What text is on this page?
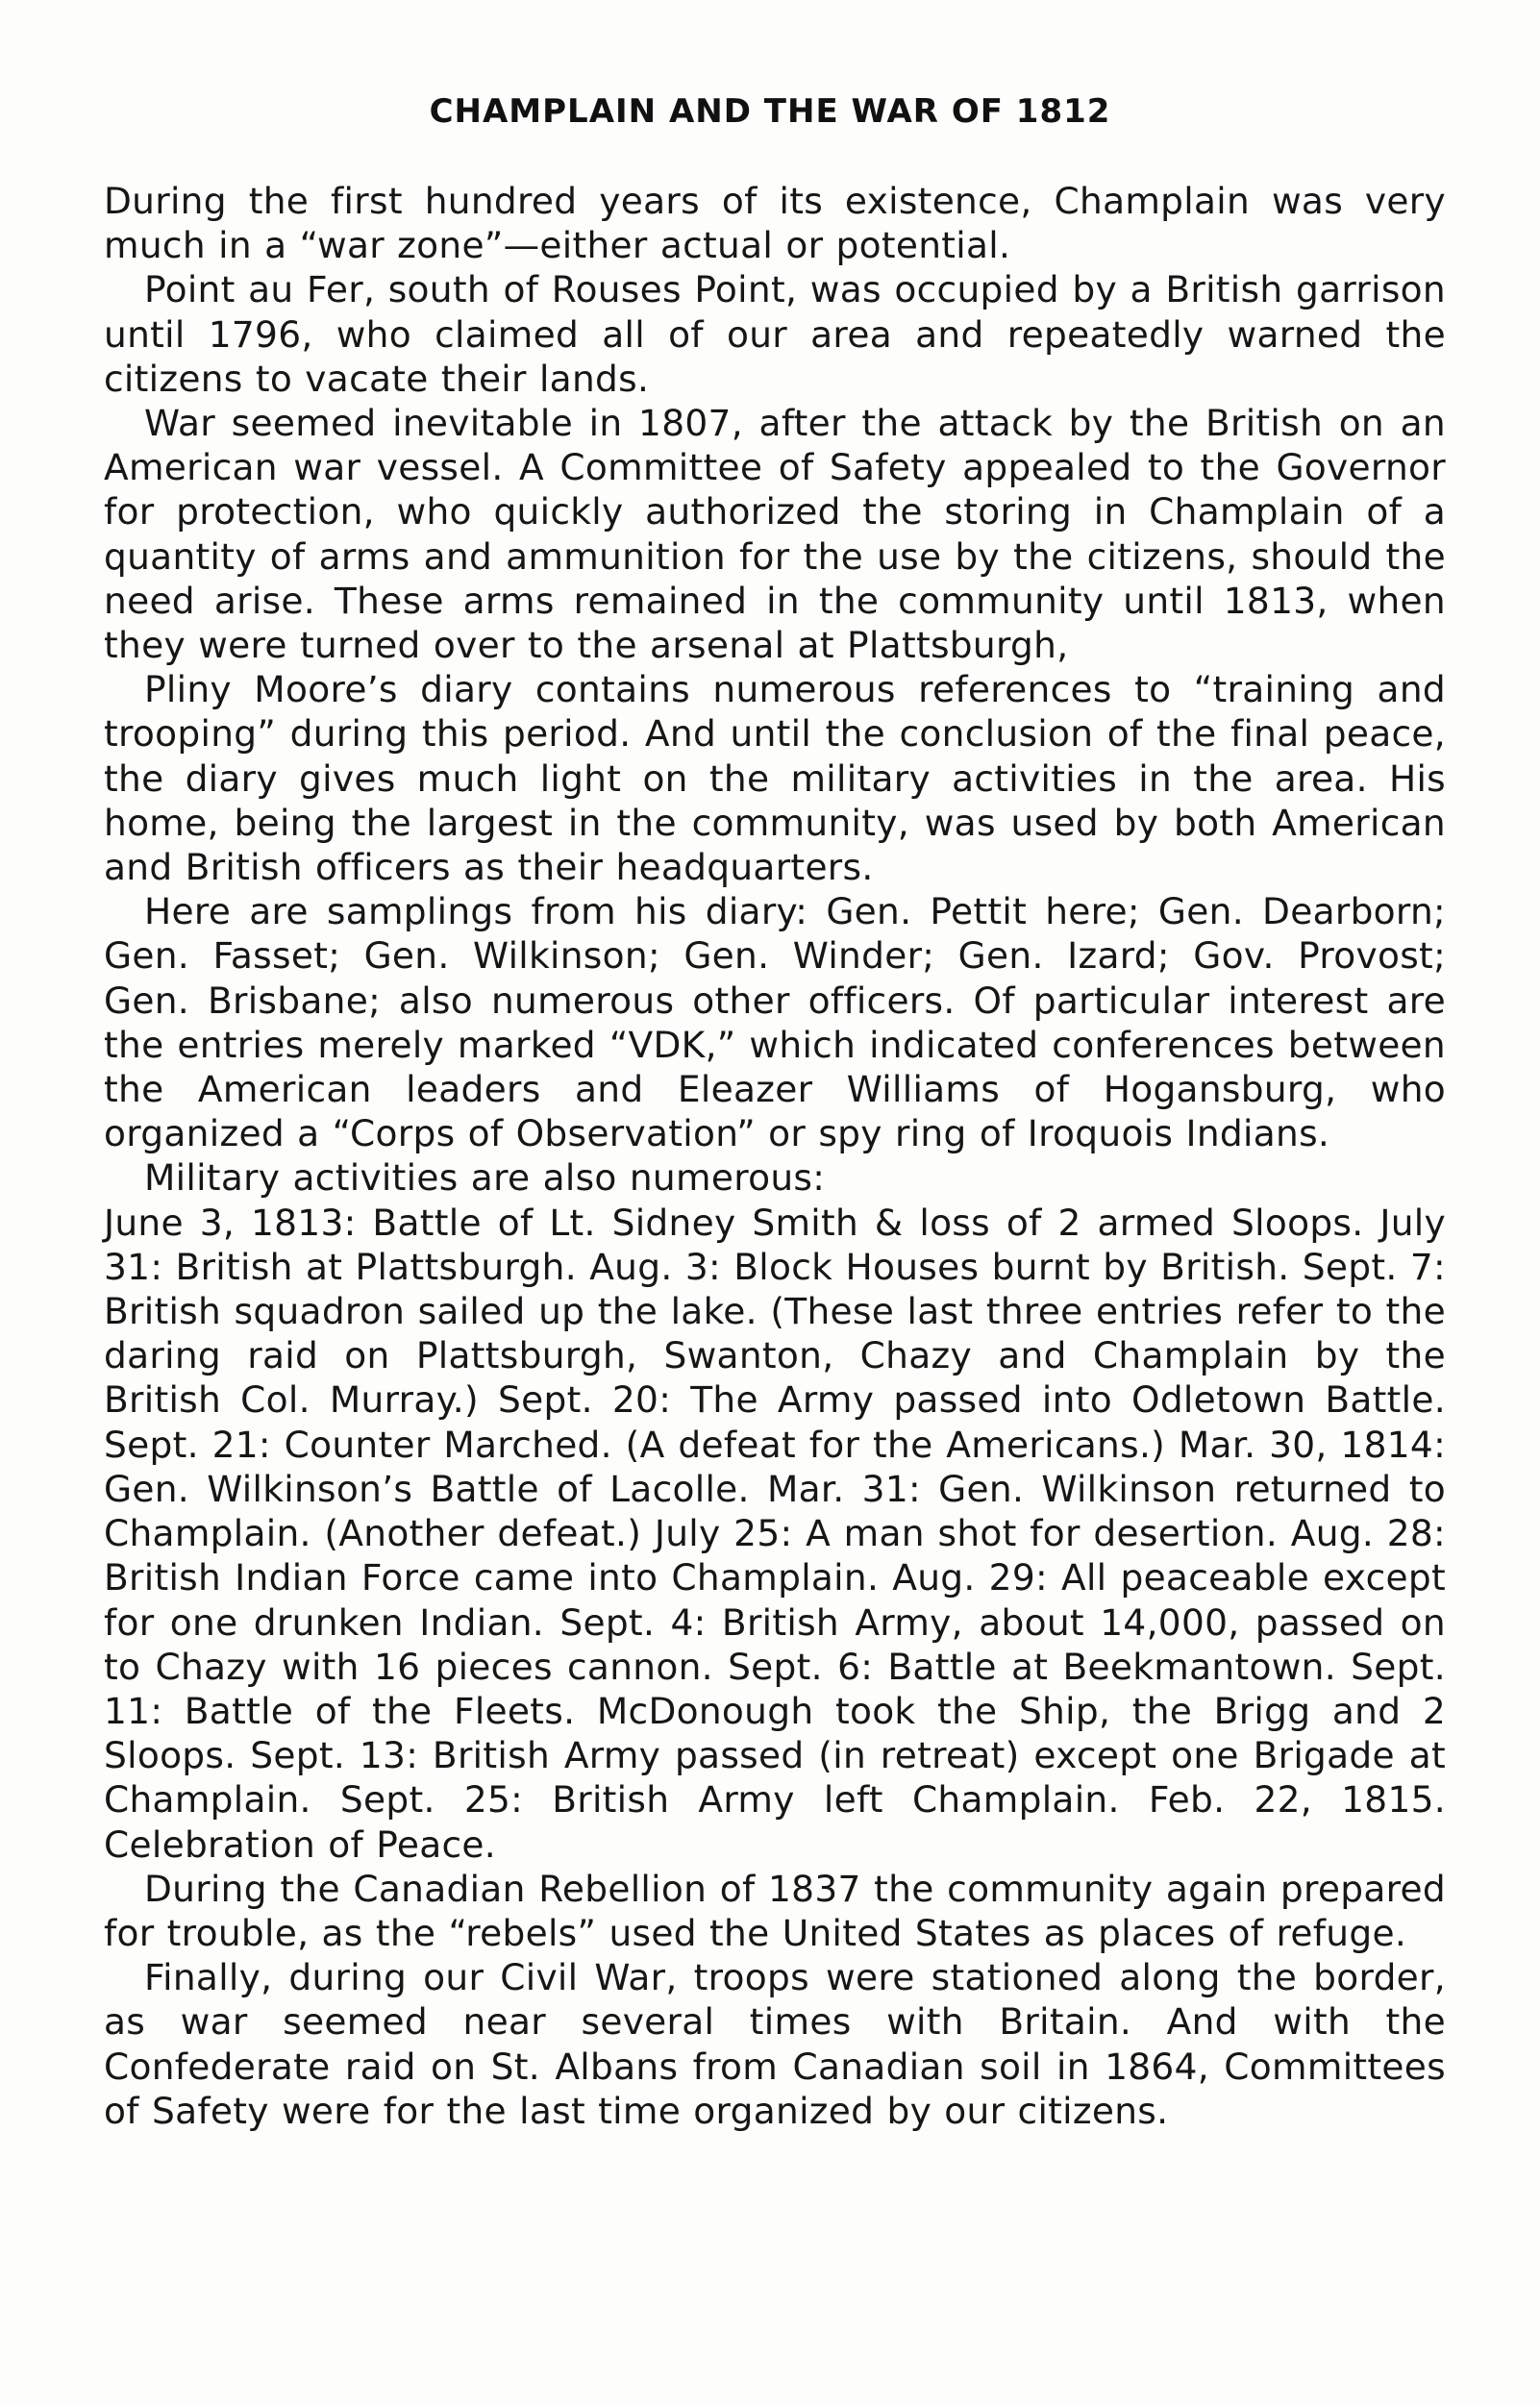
CHAMPLAIN AND THE WAR OF 1812

During the first hundred years of its existence, Champlain was very much in a “war zone”—either actual or potential.

Point au Fer, south of Rouses Point, was occupied by a British garrison until 1796, who claimed all of our area and repeatedly warned the citizens to vacate their lands.

War seemed inevitable in 1807, after the attack by the British on an American war vessel. A Committee of Safety appealed to the Governor for protection, who quickly authorized the storing in Champlain of a quantity of arms and ammunition for the use by the citizens, should the need arise. These arms remained in the community until 1813, when they were turned over to the arsenal at Plattsburgh,

Pliny Moore’s diary contains numerous references to “training and trooping” during this period. And until the conclusion of the final peace, the diary gives much light on the military activities in the area. His home, being the largest in the community, was used by both American and British officers as their headquarters.

Here are samplings from his diary: Gen. Pettit here; Gen. Dearborn; Gen. Fasset; Gen. Wilkinson; Gen. Winder; Gen. Izard; Gov. Provost; Gen. Brisbane; also numerous other officers. Of particular interest are the entries merely marked “VDK,” which indicated conferences between the American leaders and Eleazer Williams of Hogansburg, who organized a “Corps of Observation” or spy ring of Iroquois Indians.

Military activities are also numerous:

June 3, 1813: Battle of Lt. Sidney Smith & loss of 2 armed Sloops. July 31: British at Plattsburgh. Aug. 3: Block Houses burnt by British. Sept. 7: British squadron sailed up the lake. (These last three entries refer to the daring raid on Plattsburgh, Swanton, Chazy and Champlain by the British Col. Murray.) Sept. 20: The Army passed into Odletown Battle. Sept. 21: Counter Marched. (A defeat for the Americans.) Mar. 30, 1814: Gen. Wilkinson’s Battle of Lacolle. Mar. 31: Gen. Wilkinson returned to Champlain. (Another defeat.) July 25: A man shot for desertion. Aug. 28: British Indian Force came into Champlain. Aug. 29: All peaceable except for one drunken Indian. Sept. 4: British Army, about 14,000, passed on to Chazy with 16 pieces cannon. Sept. 6: Battle at Beekmantown. Sept. 11: Battle of the Fleets. McDonough took the Ship, the Brigg and 2 Sloops. Sept. 13: British Army passed (in retreat) except one Brigade at Champlain. Sept. 25: British Army left Champlain. Feb. 22, 1815. Celebration of Peace.

During the Canadian Rebellion of 1837 the community again prepared for trouble, as the “rebels” used the United States as places of refuge.

Finally, during our Civil War, troops were stationed along the border, as war seemed near several times with Britain. And with the Confederate raid on St. Albans from Canadian soil in 1864, Committees of Safety were for the last time organized by our citizens.
